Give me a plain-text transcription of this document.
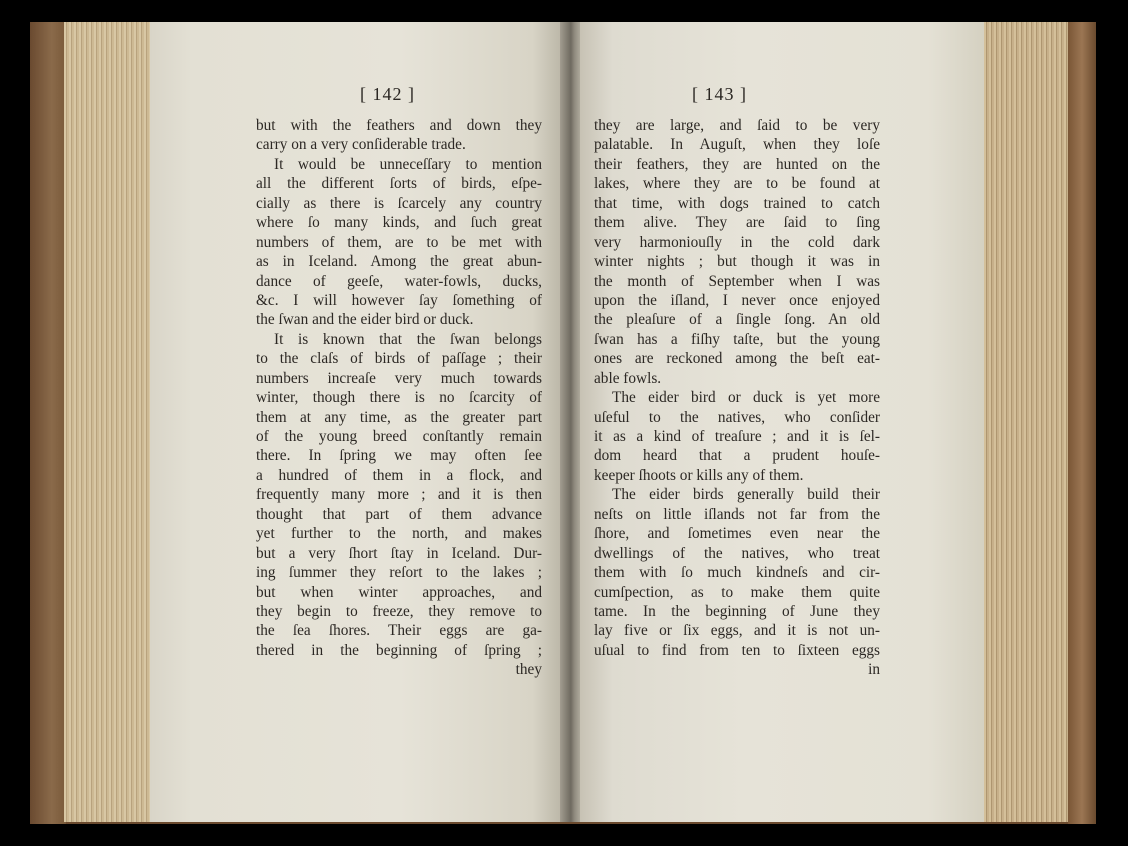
[ 142 ]
but with the feathers and down they
carry on a very conſiderable trade.
It would be unneceſſary to mention
all the different ſorts of birds, eſpe-
cially as there is ſcarcely any country
where ſo many kinds, and ſuch great
numbers of them, are to be met with
as in Iceland. Among the great abun-
dance of geeſe, water-fowls, ducks,
&c. I will however ſay ſomething of
the ſwan and the eider bird or duck.
It is known that the ſwan belongs
to the claſs of birds of paſſage ; their
numbers increaſe very much towards
winter, though there is no ſcarcity of
them at any time, as the greater part
of the young breed conſtantly remain
there. In ſpring we may often ſee
a hundred of them in a flock, and
frequently many more ; and it is then
thought that part of them advance
yet further to the north, and makes
but a very ſhort ſtay in Iceland. Dur-
ing ſummer they reſort to the lakes ;
but when winter approaches, and
they begin to freeze, they remove to
the ſea ſhores. Their eggs are ga-
thered in the beginning of ſpring ;
they
[ 143 ]
they are large, and ſaid to be very
palatable. In Auguſt, when they loſe
their feathers, they are hunted on the
lakes, where they are to be found at
that time, with dogs trained to catch
them alive. They are ſaid to ſing
very harmoniouſly in the cold dark
winter nights ; but though it was in
the month of September when I was
upon the iſland, I never once enjoyed
the pleaſure of a ſingle ſong. An old
ſwan has a fiſhy taſte, but the young
ones are reckoned among the beſt eat-
able fowls.
The eider bird or duck is yet more
uſeful to the natives, who conſider
it as a kind of treaſure ; and it is ſel-
dom heard that a prudent houſe-
keeper ſhoots or kills any of them.
The eider birds generally build their
neſts on little iſlands not far from the
ſhore, and ſometimes even near the
dwellings of the natives, who treat
them with ſo much kindneſs and cir-
cumſpection, as to make them quite
tame. In the beginning of June they
lay five or ſix eggs, and it is not un-
uſual to find from ten to ſixteen eggs
in
